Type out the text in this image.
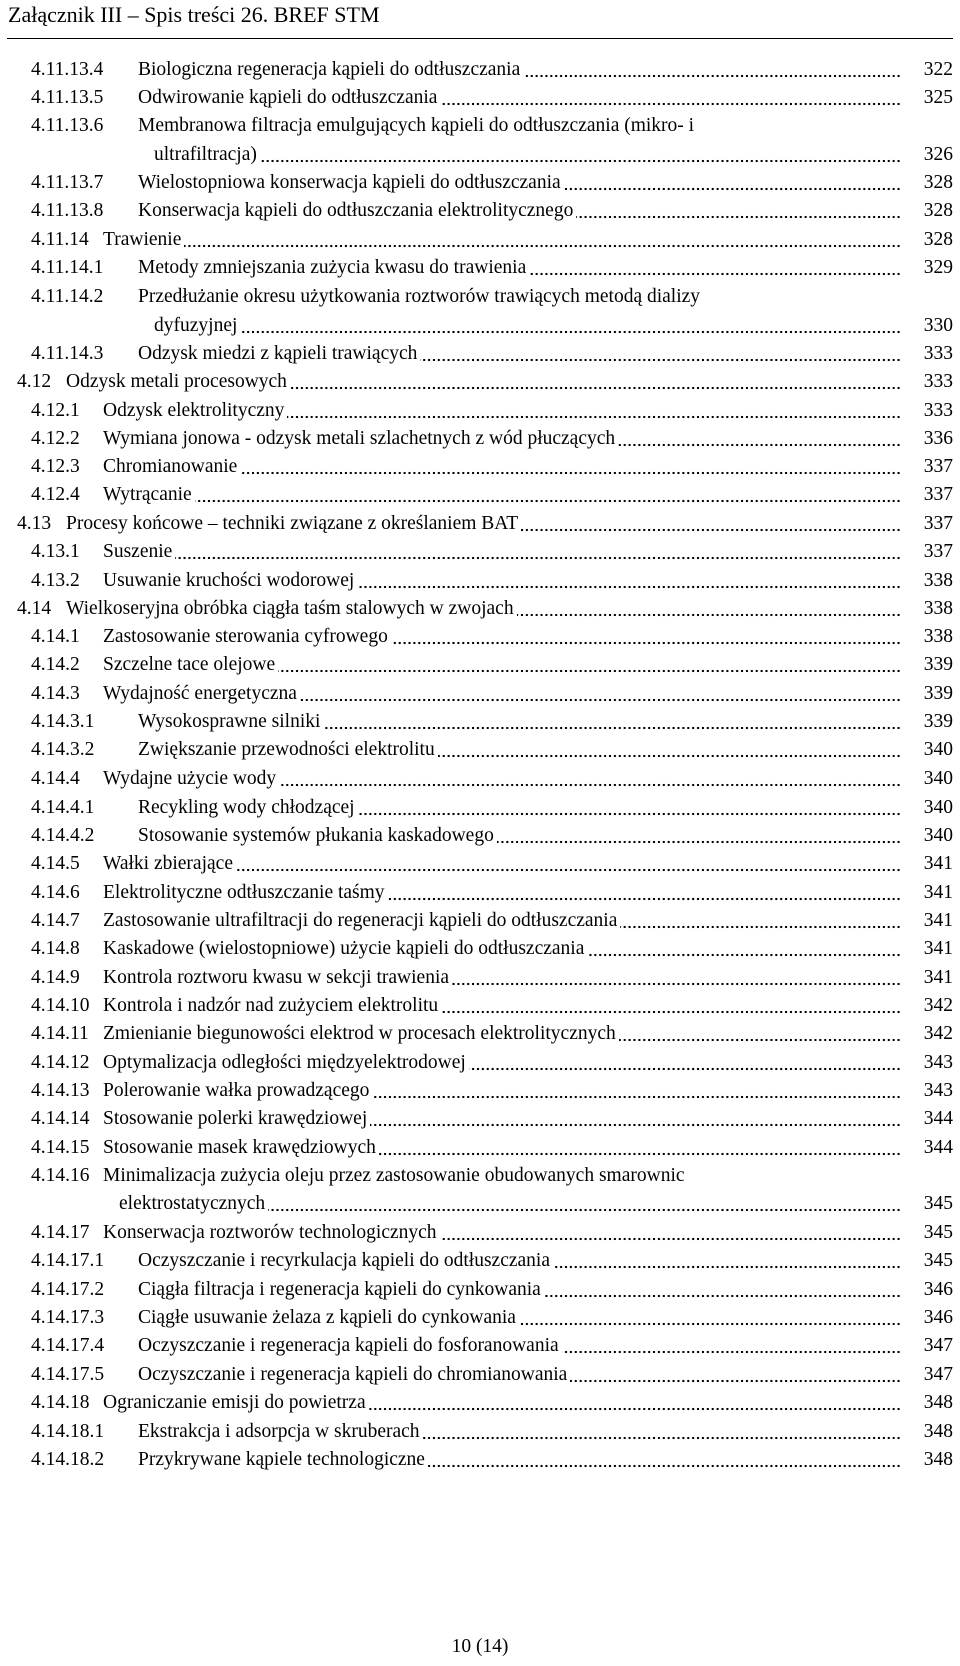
Załącznik III – Spis treści 26. BREF STM
4.11.13.4 Biologiczna regeneracja kąpieli do odtłuszczania	322
4.11.13.5 Odwirowanie kąpieli do odtłuszczania	325
4.11.13.6 Membranowa filtracja emulgujących kąpieli do odtłuszczania (mikro- i
ultrafiltracja)	326
4.11.13.7 Wielostopniowa konserwacja kąpieli do odtłuszczania	328
4.11.13.8 Konserwacja kąpieli do odtłuszczania elektrolitycznego	328
4.11.14 Trawienie	328
4.11.14.1 Metody zmniejszania zużycia kwasu do trawienia	329
4.11.14.2 Przedłużanie okresu użytkowania roztworów trawiących metodą dializy
dyfuzyjnej	330
4.11.14.3 Odzysk miedzi z kąpieli trawiących	333
4.12 Odzysk metali procesowych	333
4.12.1 Odzysk elektrolityczny	333
4.12.2 Wymiana jonowa - odzysk metali szlachetnych z wód płuczących	336
4.12.3 Chromianowanie	337
4.12.4 Wytrącanie	337
4.13 Procesy końcowe – techniki związane z określaniem BAT	337
4.13.1 Suszenie	337
4.13.2 Usuwanie kruchości wodorowej	338
4.14 Wielkoseryjna obróbka ciągła taśm stalowych w zwojach	338
4.14.1 Zastosowanie sterowania cyfrowego	338
4.14.2 Szczelne tace olejowe	339
4.14.3 Wydajność energetyczna	339
4.14.3.1 Wysokosprawne silniki	339
4.14.3.2 Zwiększanie przewodności elektrolitu	340
4.14.4 Wydajne użycie wody	340
4.14.4.1 Recykling wody chłodzącej	340
4.14.4.2 Stosowanie systemów płukania kaskadowego	340
4.14.5 Wałki zbierające	341
4.14.6 Elektrolityczne odtłuszczanie taśmy	341
4.14.7 Zastosowanie ultrafiltracji do regeneracji kąpieli do odtłuszczania	341
4.14.8 Kaskadowe (wielostopniowe) użycie kąpieli do odtłuszczania	341
4.14.9 Kontrola roztworu kwasu w sekcji trawienia	341
4.14.10 Kontrola i nadzór nad zużyciem elektrolitu	342
4.14.11 Zmienianie biegunowości elektrod w procesach elektrolitycznych	342
4.14.12 Optymalizacja odległości międzyelektrodowej	343
4.14.13 Polerowanie wałka prowadzącego	343
4.14.14 Stosowanie polerki krawędziowej	344
4.14.15 Stosowanie masek krawędziowych	344
4.14.16 Minimalizacja zużycia oleju przez zastosowanie obudowanych smarownic
elektrostatycznych	345
4.14.17 Konserwacja roztworów technologicznych	345
4.14.17.1 Oczyszczanie i recyrkulacja kąpieli do odtłuszczania	345
4.14.17.2 Ciągła filtracja i regeneracja kąpieli do cynkowania	346
4.14.17.3 Ciągłe usuwanie żelaza z kąpieli do cynkowania	346
4.14.17.4 Oczyszczanie i regeneracja kąpieli do fosforanowania	347
4.14.17.5 Oczyszczanie i regeneracja kąpieli do chromianowania	347
4.14.18 Ograniczanie emisji do powietrza	348
4.14.18.1 Ekstrakcja i adsorpcja w skruberach	348
4.14.18.2 Przykrywane kąpiele technologiczne	348
10 (14)
